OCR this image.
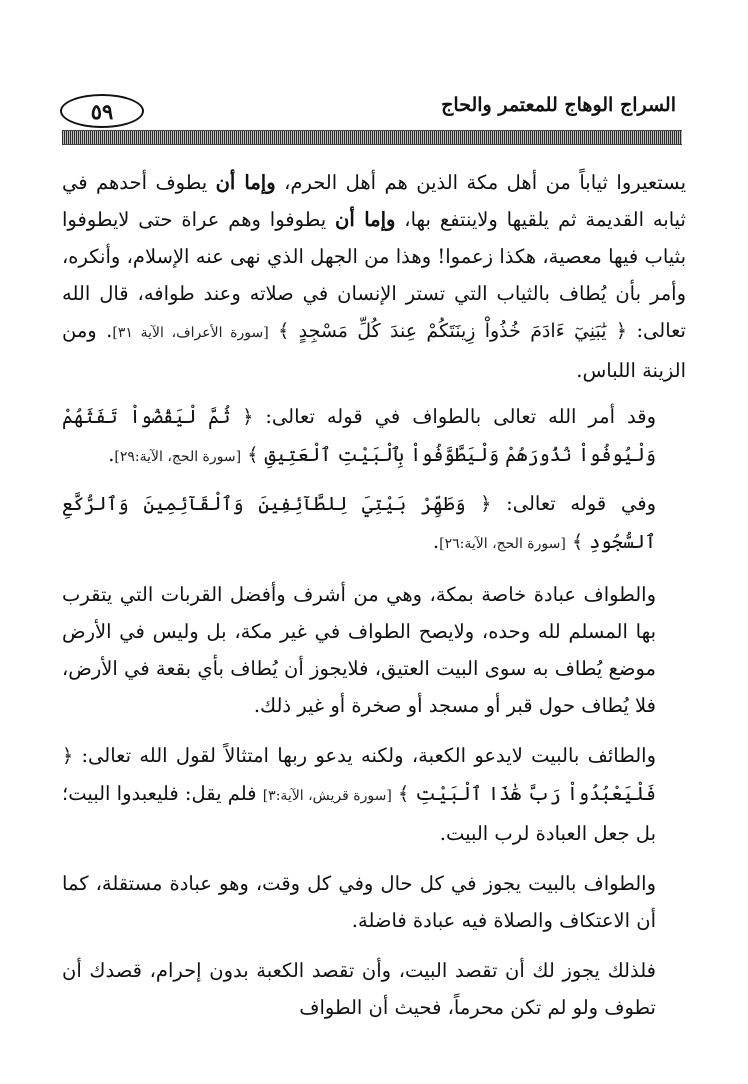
٥٩	السراج الوهاج للمعتمر والحاج

يستعيروا ثياباً من أهل مكة الذين هم أهل الحرم، وإما أن يطوف أحدهم في ثيابه القديمة ثم يلقيها ولاينتفع بها، وإما أن يطوفوا وهم عراة حتى لايطوفوا بثياب فيها معصية، هكذا زعموا! وهذا من الجهل الذي نهى عنه الإسلام، وأنكره، وأمر بأن يُطاف بالثياب التي تستر الإنسان في صلاته وعند طوافه، قال الله تعالى: ﴿ يَٰبَنِيٓ ءَادَمَ خُذُواْ زِينَتَكُمْ عِندَ كُلِّ مَسْجِدٍ ﴾ [سورة الأعراف، الآية ٣١]. ومن الزينة اللباس.

وقد أمر الله تعالى بالطواف في قوله تعالى: ﴿ ثُمَّ لْيَقْضُواْ تَفَثَهُمْ وَلْيُوفُواْ نُذُورَهُمْ وَلْيَطَّوَّفُواْ بِٱلْبَيْتِ ٱلْعَتِيقِ ﴾ [سورة الحج، الآية:٢٩].

وفي قوله تعالى: ﴿ وَطَهِّرْ بَيْتِيَ لِلطَّآئِفِينَ وَٱلْقَآئِمِينَ وَٱلرُّكَّعِ ٱلسُّجُودِ ﴾ [سورة الحج، الآية:٢٦].

والطواف عبادة خاصة بمكة، وهي من أشرف وأفضل القربات التي يتقرب بها المسلم لله وحده، ولايصح الطواف في غير مكة، بل وليس في الأرض موضع يُطاف به سوى البيت العتيق، فلايجوز أن يُطاف بأي بقعة في الأرض، فلا يُطاف حول قبر أو مسجد أو صخرة أو غير ذلك.

والطائف بالبيت لايدعو الكعبة، ولكنه يدعو ربها امتثالاً لقول الله تعالى: ﴿ فَلْيَعْبُدُواْ رَبَّ هَٰذَا ٱلْبَيْتِ ﴾ [سورة قريش، الآية:٣] فلم يقل: فليعبدوا البيت؛ بل جعل العبادة لرب البيت.

والطواف بالبيت يجوز في كل حال وفي كل وقت، وهو عبادة مستقلة، كما أن الاعتكاف والصلاة فيه عبادة فاضلة.

فلذلك يجوز لك أن تقصد البيت، وأن تقصد الكعبة بدون إحرام، قصدك أن تطوف ولو لم تكن محرماً، فحيث أن الطواف
